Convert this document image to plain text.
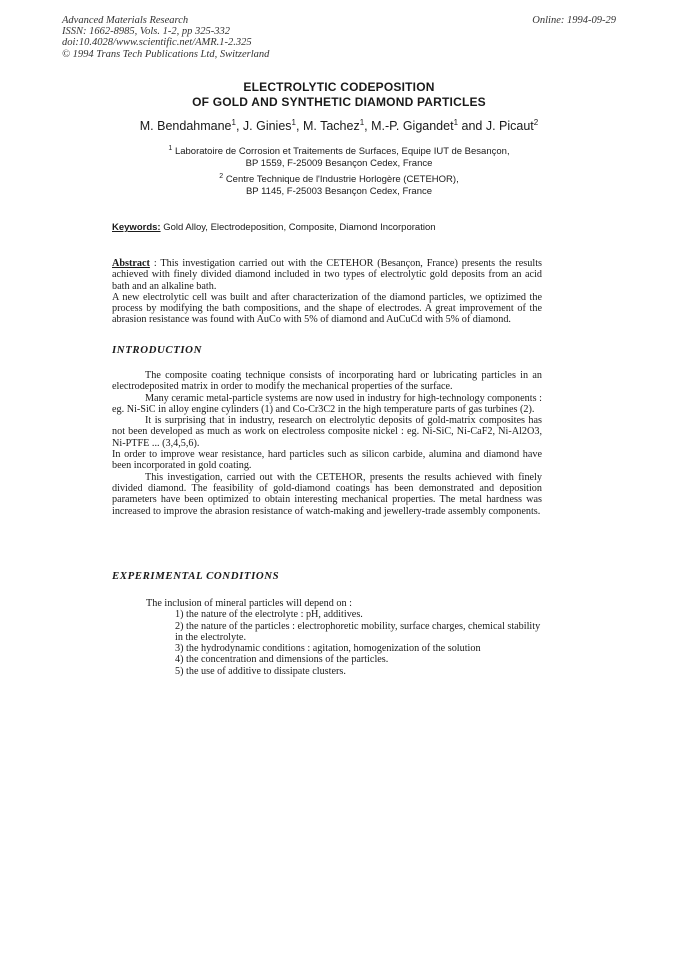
Advanced Materials Research
ISSN: 1662-8985, Vols. 1-2, pp 325-332
doi:10.4028/www.scientific.net/AMR.1-2.325
© 1994 Trans Tech Publications Ltd, Switzerland
Online: 1994-09-29
ELECTROLYTIC CODEPOSITION
OF GOLD AND SYNTHETIC DIAMOND PARTICLES
M. Bendahmane$^1$, J. Ginies$^1$, M. Tachez$^1$, M.-P. Gigandet$^1$ and J. Picaut$^2$
$^1$ Laboratoire de Corrosion et Traitements de Surfaces, Equipe IUT de Besançon,
BP 1559, F-25009 Besançon Cedex, France
$^2$ Centre Technique de l'Industrie Horlogère (CETEHOR),
BP 1145, F-25003 Besançon Cedex, France
Keywords: Gold Alloy, Electrodeposition, Composite, Diamond Incorporation

Abstract : This investigation carried out with the CETEHOR (Besançon, France) presents the results achieved with finely divided diamond included in two types of electrolytic gold deposits from an acid bath and an alkaline bath.

A new electrolytic cell was built and after characterization of the diamond particles, we optizimed the process by modifying the bath compositions, and the shape of electrodes. A great improvement of the abrasion resistance was found with AuCo with 5% of diamond and AuCuCd with 5% of diamond.

INTRODUCTION

The composite coating technique consists of incorporating hard or lubricating particles in an electrodeposited matrix in order to modify the mechanical properties of the surface.

Many ceramic metal-particle systems are now used in industry for high-technology components : eg. Ni-SiC in alloy engine cylinders (1) and Co-Cr3C2 in the high temperature parts of gas turbines (2).

It is surprising that in industry, research on electrolytic deposits of gold-matrix composites has not been developed as much as work on electroless composite nickel : eg. Ni-SiC, Ni-CaF2, Ni-Al2O3, Ni-PTFE ... (3,4,5,6).

In order to improve wear resistance, hard particles such as silicon carbide, alumina and diamond have been incorporated in gold coating.

This investigation, carried out with the CETEHOR, presents the results achieved with finely divided diamond. The feasibility of gold-diamond coatings has been demonstrated and deposition parameters have been optimized to obtain interesting mechanical properties. The metal hardness was increased to improve the abrasion resistance of watch-making and jewellery-trade assembly components.

EXPERIMENTAL CONDITIONS

The inclusion of mineral particles will depend on :

1) the nature of the electrolyte : pH, additives.
2) the nature of the particles : electrophoretic mobility, surface charges, chemical stability in the electrolyte.
3) the hydrodynamic conditions : agitation, homogenization of the solution
4) the concentration and dimensions of the particles.
5) the use of additive to dissipate clusters.
